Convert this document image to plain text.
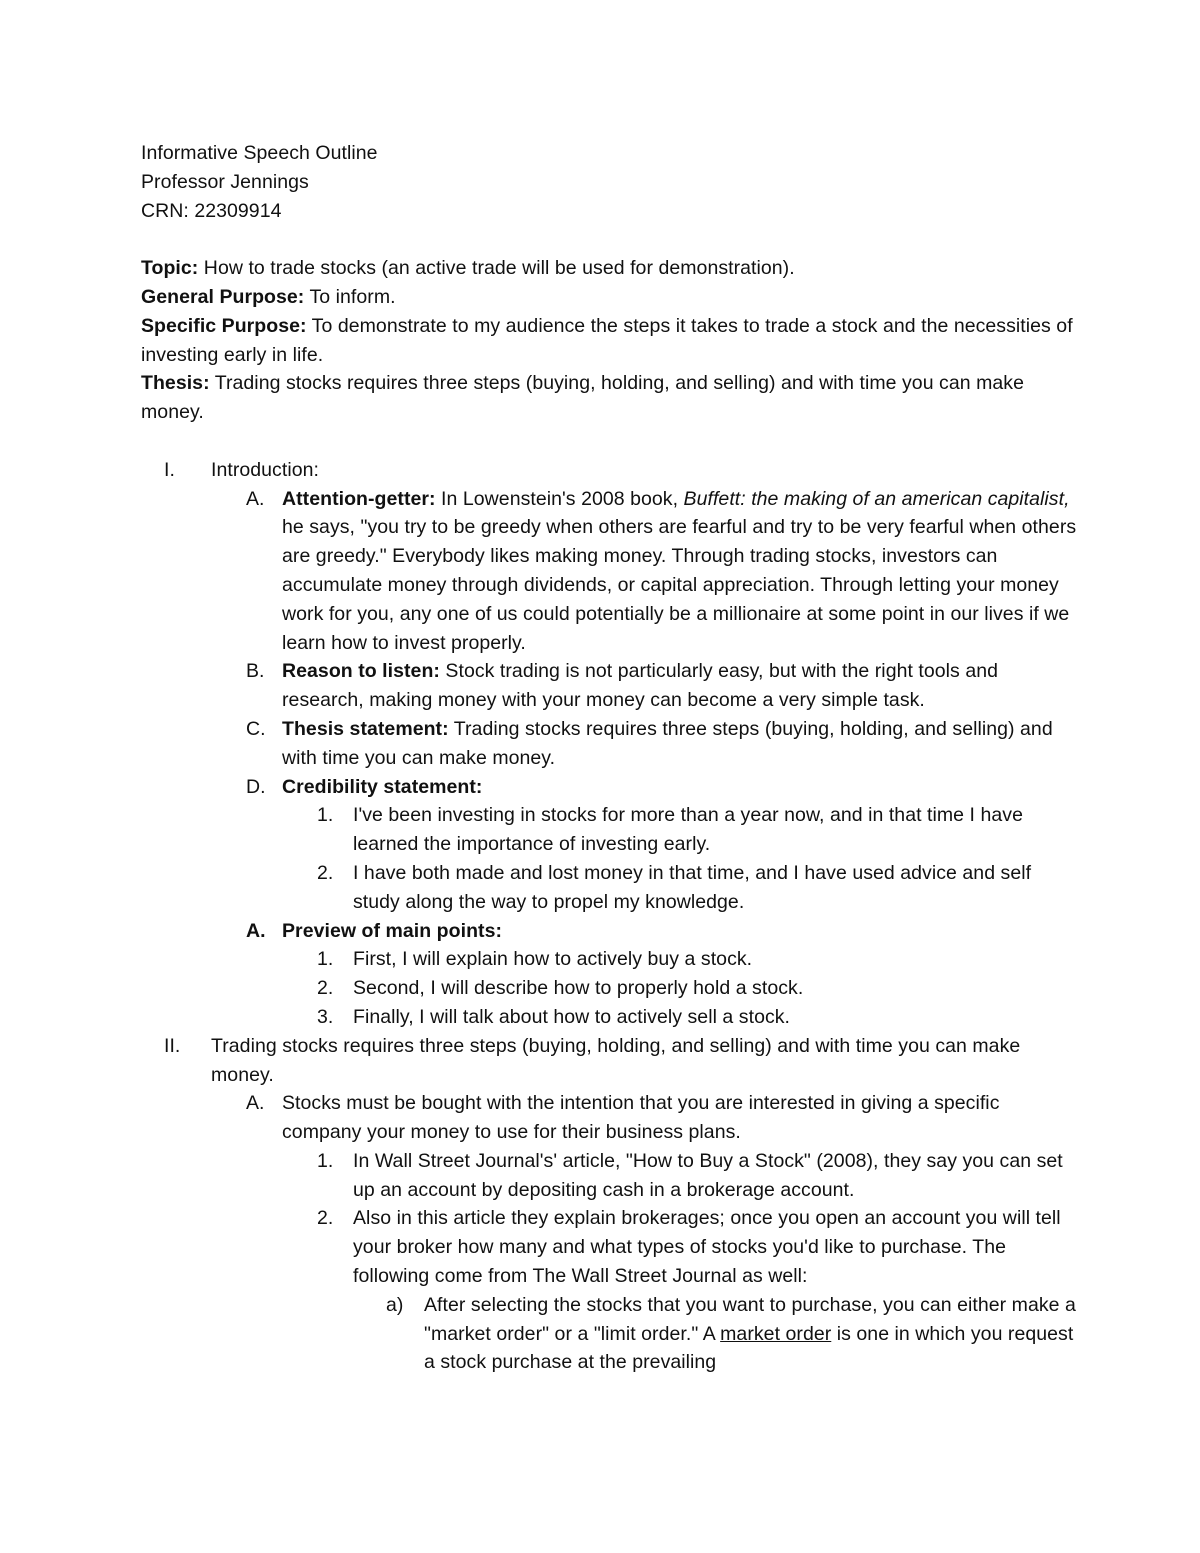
Informative Speech Outline

Professor Jennings

CRN: 22309914

Topic: How to trade stocks (an active trade will be used for demonstration).

General Purpose: To inform.

Specific Purpose: To demonstrate to my audience the steps it takes to trade a stock and the necessities of investing early in life.

Thesis: Trading stocks requires three steps (buying, holding, and selling) and with time you can make money.

I. Introduction:
A. Attention-getter: In Lowenstein's 2008 book, Buffett: the making of an american capitalist, he says, "you try to be greedy when others are fearful and try to be very fearful when others are greedy." Everybody likes making money. Through trading stocks, investors can accumulate money through dividends, or capital appreciation. Through letting your money work for you, any one of us could potentially be a millionaire at some point in our lives if we learn how to invest properly.
B. Reason to listen: Stock trading is not particularly easy, but with the right tools and research, making money with your money can become a very simple task.
C. Thesis statement: Trading stocks requires three steps (buying, holding, and selling) and with time you can make money.
D. Credibility statement:
1. I've been investing in stocks for more than a year now, and in that time I have learned the importance of investing early.
2. I have both made and lost money in that time, and I have used advice and self study along the way to propel my knowledge.
A. Preview of main points:
1. First, I will explain how to actively buy a stock.
2. Second, I will describe how to properly hold a stock.
3. Finally, I will talk about how to actively sell a stock.
II. Trading stocks requires three steps (buying, holding, and selling) and with time you can make money.
A. Stocks must be bought with the intention that you are interested in giving a specific company your money to use for their business plans.
1. In Wall Street Journal's' article, "How to Buy a Stock" (2008), they say you can set up an account by depositing cash in a brokerage account.
2. Also in this article they explain brokerages; once you open an account you will tell your broker how many and what types of stocks you'd like to purchase. The following come from The Wall Street Journal as well:
a) After selecting the stocks that you want to purchase, you can either make a "market order" or a "limit order." A market order is one in which you request a stock purchase at the prevailing
